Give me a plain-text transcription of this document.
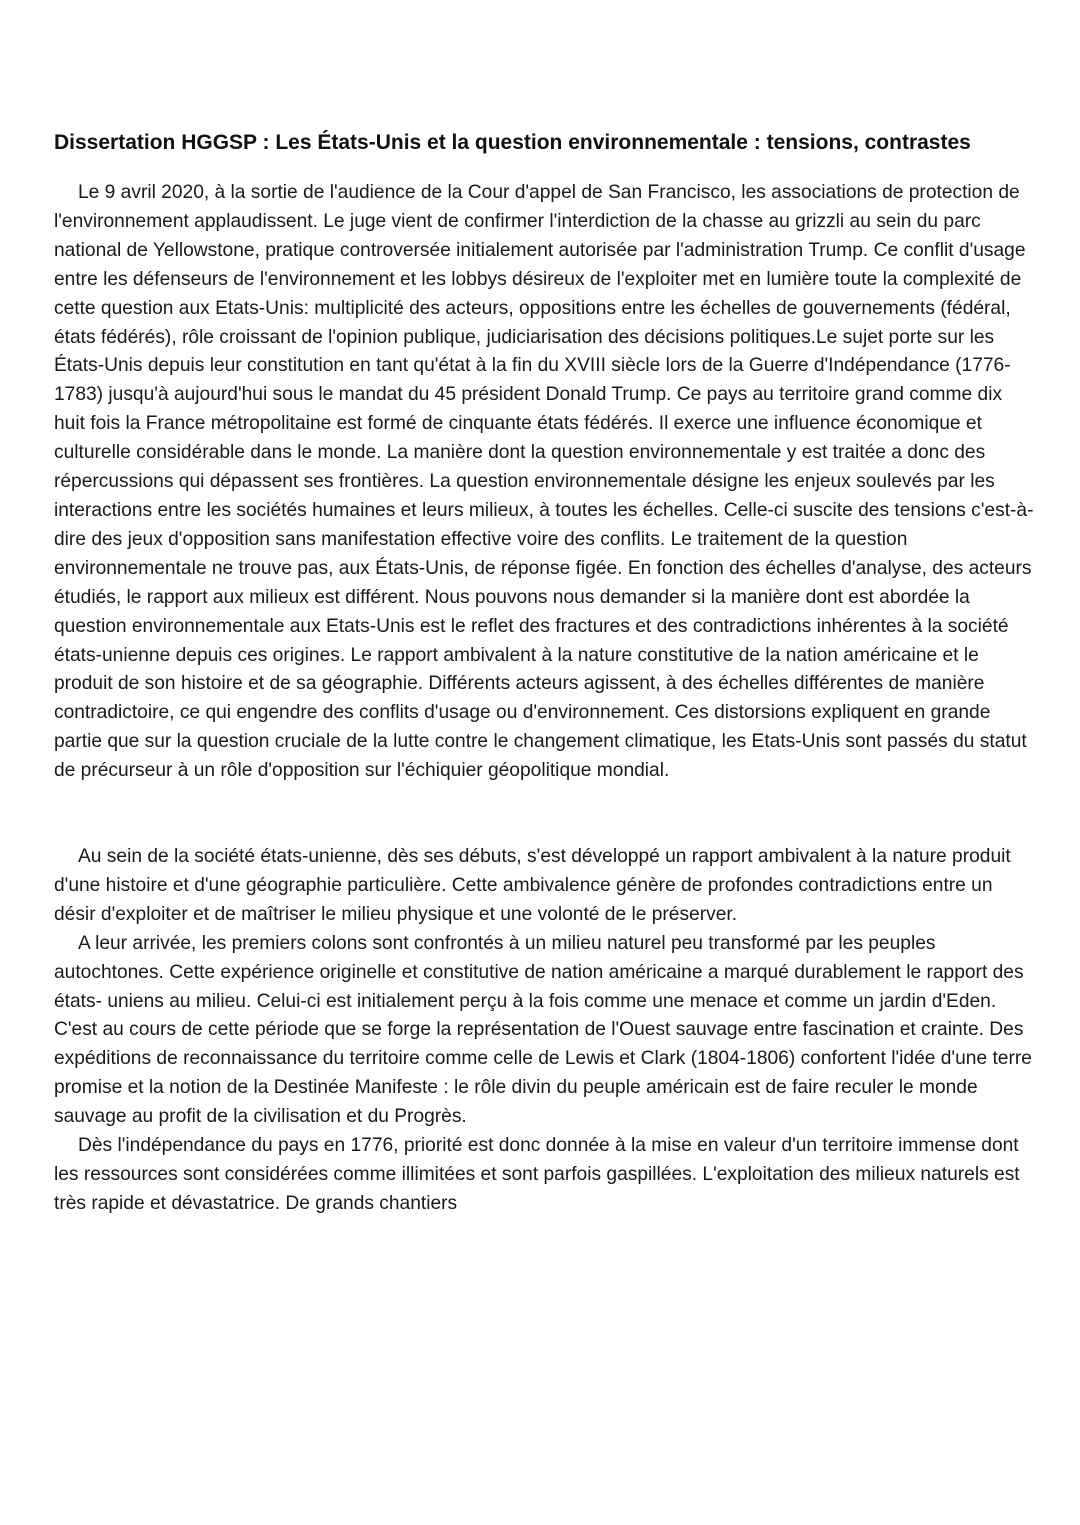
Dissertation HGGSP : Les États-Unis et la question environnementale : tensions, contrastes

Le 9 avril 2020, à la sortie de l'audience de la Cour d'appel de San Francisco, les associations de protection de l'environnement applaudissent. Le juge vient de confirmer l'interdiction de la chasse au grizzli au sein du parc national de Yellowstone, pratique controversée initialement autorisée par l'administration Trump. Ce conflit d'usage entre les défenseurs de l'environnement et les lobbys désireux de l'exploiter met en lumière toute la complexité de cette question aux Etats-Unis: multiplicité des acteurs, oppositions entre les échelles de gouvernements (fédéral, états fédérés), rôle croissant de l'opinion publique, judiciarisation des décisions politiques.Le sujet porte sur les États-Unis depuis leur constitution en tant qu'état à la fin du XVIII siècle lors de la Guerre d'Indépendance (1776-1783) jusqu'à aujourd'hui sous le mandat du 45 président Donald Trump. Ce pays au territoire grand comme dix huit fois la France métropolitaine est formé de cinquante états fédérés. Il exerce une influence économique et culturelle considérable dans le monde. La manière dont la question environnementale y est traitée a donc des répercussions qui dépassent ses frontières. La question environnementale désigne les enjeux soulevés par les interactions entre les sociétés humaines et leurs milieux, à toutes les échelles. Celle-ci suscite des tensions c'est-à-dire des jeux d'opposition sans manifestation effective voire des conflits. Le traitement de la question environnementale ne trouve pas, aux États-Unis, de réponse figée. En fonction des échelles d'analyse, des acteurs étudiés, le rapport aux milieux est différent. Nous pouvons nous demander si la manière dont est abordée la question environnementale aux Etats-Unis est le reflet des fractures et des contradictions inhérentes à la société états-unienne depuis ces origines. Le rapport ambivalent à la nature constitutive de la nation américaine et le produit de son histoire et de sa géographie. Différents acteurs agissent, à des échelles différentes de manière contradictoire, ce qui engendre des conflits d'usage ou d'environnement. Ces distorsions expliquent en grande partie que sur la question cruciale de la lutte contre le changement climatique, les Etats-Unis sont passés du statut de précurseur à un rôle d'opposition sur l'échiquier géopolitique mondial.

Au sein de la société états-unienne, dès ses débuts, s'est développé un rapport ambivalent à la nature produit d'une histoire et d'une géographie particulière. Cette ambivalence génère de profondes contradictions entre un désir d'exploiter et de maîtriser le milieu physique et une volonté de le préserver.

A leur arrivée, les premiers colons sont confrontés à un milieu naturel peu transformé par les peuples autochtones. Cette expérience originelle et constitutive de nation américaine a marqué durablement le rapport des états- uniens au milieu. Celui-ci est initialement perçu à la fois comme une menace et comme un jardin d'Eden. C'est au cours de cette période que se forge la représentation de l'Ouest sauvage entre fascination et crainte. Des expéditions de reconnaissance du territoire comme celle de Lewis et Clark (1804-1806) confortent l'idée d'une terre promise et la notion de la Destinée Manifeste : le rôle divin du peuple américain est de faire reculer le monde sauvage au profit de la civilisation et du Progrès.

Dès l'indépendance du pays en 1776, priorité est donc donnée à la mise en valeur d'un territoire immense dont les ressources sont considérées comme illimitées et sont parfois gaspillées. L'exploitation des milieux naturels est très rapide et dévastatrice. De grands chantiers
